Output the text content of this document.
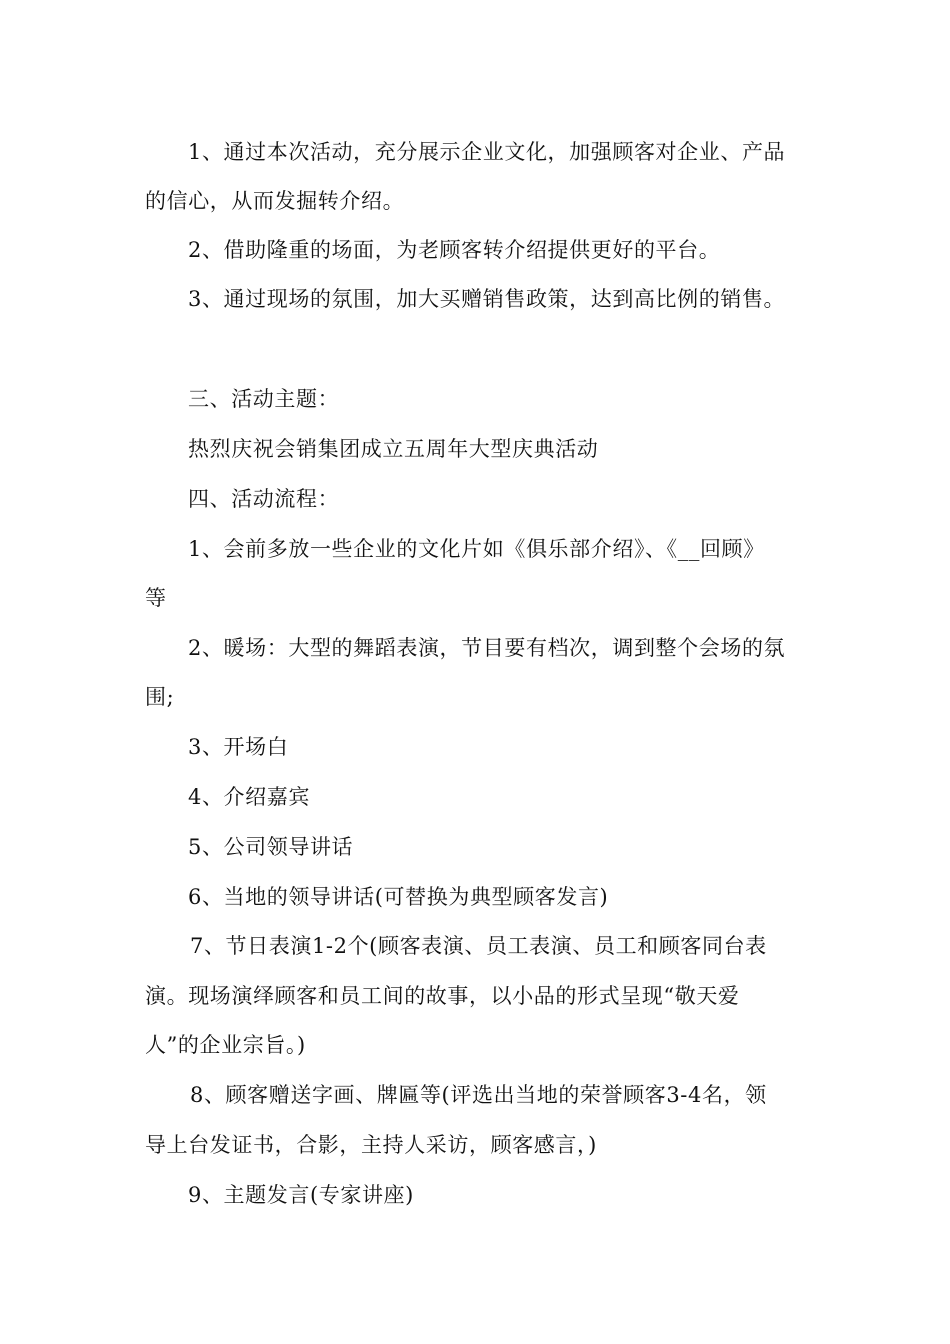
1、通过本次活动，充分展示企业文化，加强顾客对企业、产品
的信心，从而发掘转介绍。
2、借助隆重的场面，为老顾客转介绍提供更好的平台。
3、通过现场的氛围，加大买赠销售政策，达到高比例的销售。
三、活动主题：
热烈庆祝会销集团成立五周年大型庆典活动
四、活动流程：
1、会前多放一些企业的文化片如《俱乐部介绍》、《__回顾》
等
2、暖场：大型的舞蹈表演，节目要有档次，调到整个会场的氛
围;
3、开场白
4、介绍嘉宾
5、公司领导讲话
6、当地的领导讲话(可替换为典型顾客发言)
7、节日表演1-2个(顾客表演、员工表演、员工和顾客同台表
演。现场演绎顾客和员工间的故事，以小品的形式呈现“敬天爱
人”的企业宗旨。)
8、顾客赠送字画、牌匾等(评选出当地的荣誉顾客3-4名，领
导上台发证书，合影，主持人采访，顾客感言，)
9、主题发言(专家讲座)
